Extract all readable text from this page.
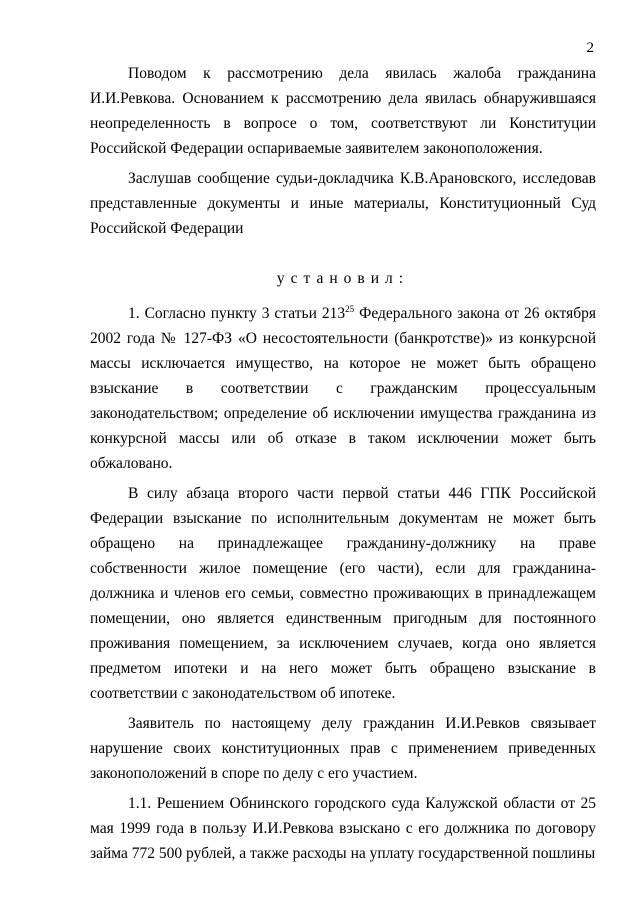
2

Поводом к рассмотрению дела явилась жалоба гражданина И.И.Ревкова. Основанием к рассмотрению дела явилась обнаружившаяся неопределенность в вопросе о том, соответствуют ли Конституции Российской Федерации оспариваемые заявителем законоположения.

Заслушав сообщение судьи-докладчика К.В.Арановского, исследовав представленные документы и иные материалы, Конституционный Суд Российской Федерации

установил:

1. Согласно пункту 3 статьи $213^{25}$ Федерального закона от 26 октября 2002 года № 127-ФЗ «О несостоятельности (банкротстве)» из конкурсной массы исключается имущество, на которое не может быть обращено взыскание в соответствии с гражданским процессуальным законодательством; определение об исключении имущества гражданина из конкурсной массы или об отказе в таком исключении может быть обжаловано.

В силу абзаца второго части первой статьи 446 ГПК Российской Федерации взыскание по исполнительным документам не может быть обращено на принадлежащее гражданину-должнику на праве собственности жилое помещение (его части), если для гражданина-должника и членов его семьи, совместно проживающих в принадлежащем помещении, оно является единственным пригодным для постоянного проживания помещением, за исключением случаев, когда оно является предметом ипотеки и на него может быть обращено взыскание в соответствии с законодательством об ипотеке.

Заявитель по настоящему делу гражданин И.И.Ревков связывает нарушение своих конституционных прав с применением приведенных законоположений в споре по делу с его участием.

1.1. Решением Обнинского городского суда Калужской области от 25 мая 1999 года в пользу И.И.Ревкова взыскано с его должника по договору займа 772 500 рублей, а также расходы на уплату государственной пошлины
